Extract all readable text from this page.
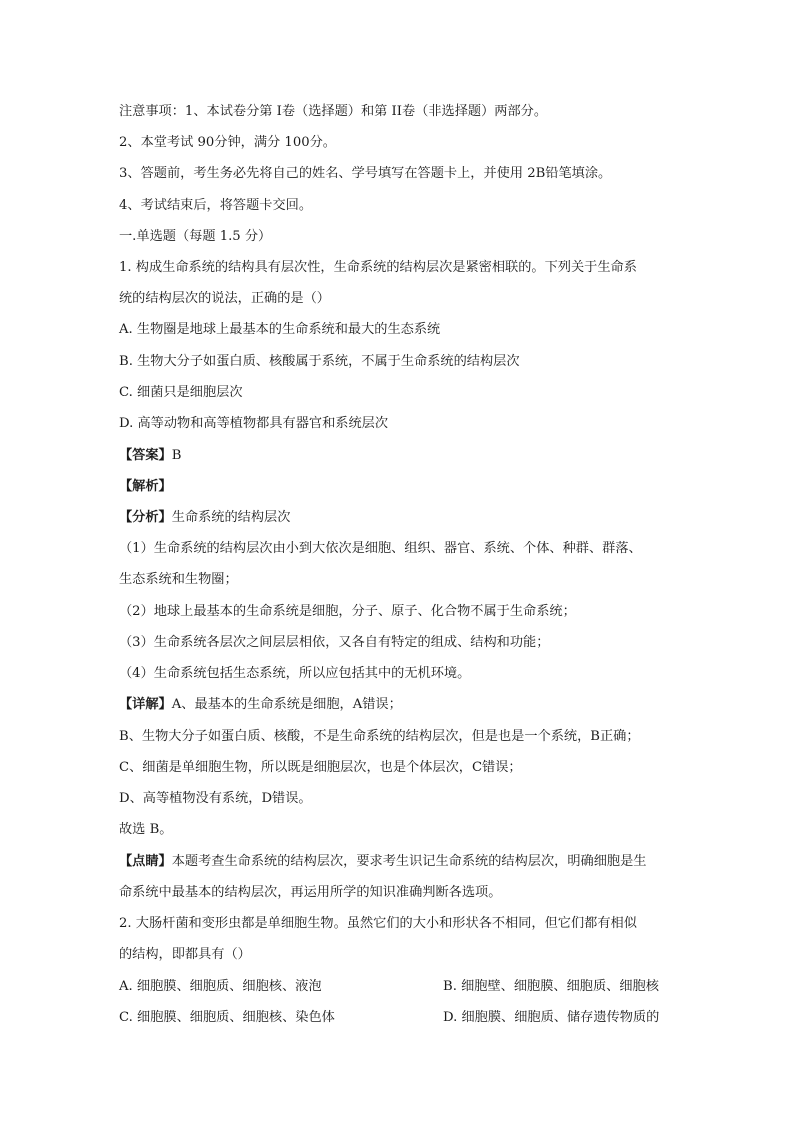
注意事项：1、本试卷分第 I卷（选择题）和第 II卷（非选择题）两部分。
2、本堂考试 90分钟，满分 100分。
3、答题前，考生务必先将自己的姓名、学号填写在答题卡上，并使用 2B铅笔填涂。
4、考试结束后，将答题卡交回。
一.单选题（每题 1.5 分）
1. 构成生命系统的结构具有层次性，生命系统的结构层次是紧密相联的。下列关于生命系
统的结构层次的说法，正确的是（）
A. 生物圈是地球上最基本的生命系统和最大的生态系统
B. 生物大分子如蛋白质、核酸属于系统，不属于生命系统的结构层次
C. 细菌只是细胞层次
D. 高等动物和高等植物都具有器官和系统层次
【答案】B
【解析】
【分析】生命系统的结构层次
（1）生命系统的结构层次由小到大依次是细胞、组织、器官、系统、个体、种群、群落、
生态系统和生物圈；
（2）地球上最基本的生命系统是细胞，分子、原子、化合物不属于生命系统；
（3）生命系统各层次之间层层相依，又各自有特定的组成、结构和功能；
（4）生命系统包括生态系统，所以应包括其中的无机环境。
【详解】A、最基本的生命系统是细胞，A错误；
B、生物大分子如蛋白质、核酸，不是生命系统的结构层次，但是也是一个系统，B正确；
C、细菌是单细胞生物，所以既是细胞层次，也是个体层次，C错误；
D、高等植物没有系统，D错误。
故选 B。
【点睛】本题考查生命系统的结构层次，要求考生识记生命系统的结构层次，明确细胞是生
命系统中最基本的结构层次，再运用所学的知识准确判断各选项。
2. 大肠杆菌和变形虫都是单细胞生物。虽然它们的大小和形状各不相同，但它们都有相似
的结构，即都具有（）
A. 细胞膜、细胞质、细胞核、液泡	B. 细胞壁、细胞膜、细胞质、细胞核
C. 细胞膜、细胞质、细胞核、染色体	D. 细胞膜、细胞质、储存遗传物质的
